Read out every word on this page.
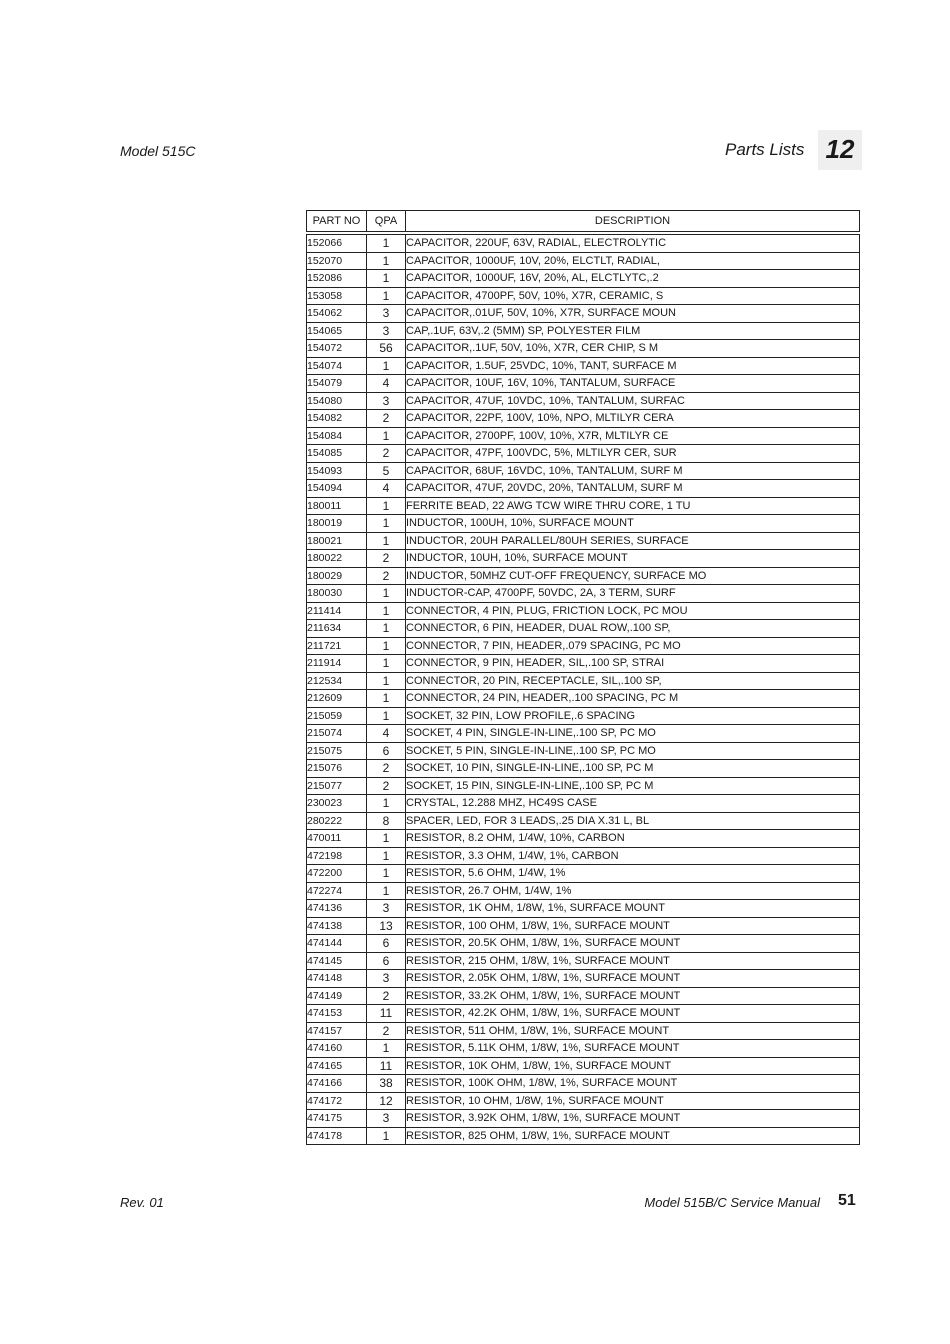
Model 515C	Parts Lists 12
PART NO	QPA	DESCRIPTION
152066	1	CAPACITOR, 220UF, 63V, RADIAL, ELECTROLYTIC
152070	1	CAPACITOR, 1000UF, 10V, 20%, ELCTLT, RADIAL,
152086	1	CAPACITOR, 1000UF, 16V, 20%, AL, ELCTLYTC,.2
153058	1	CAPACITOR, 4700PF, 50V, 10%, X7R, CERAMIC, S
154062	3	CAPACITOR,.01UF, 50V, 10%, X7R, SURFACE MOUN
154065	3	CAP,.1UF, 63V,.2 (5MM) SP, POLYESTER FILM
154072	56	CAPACITOR,.1UF, 50V, 10%, X7R, CER CHIP, S M
154074	1	CAPACITOR, 1.5UF, 25VDC, 10%, TANT, SURFACE M
154079	4	CAPACITOR, 10UF, 16V, 10%, TANTALUM, SURFACE
154080	3	CAPACITOR, 47UF, 10VDC, 10%, TANTALUM, SURFAC
154082	2	CAPACITOR, 22PF, 100V, 10%, NPO, MLTILYR CERA
154084	1	CAPACITOR, 2700PF, 100V, 10%, X7R, MLTILYR CE
154085	2	CAPACITOR, 47PF, 100VDC, 5%, MLTILYR CER, SUR
154093	5	CAPACITOR, 68UF, 16VDC, 10%, TANTALUM, SURF M
154094	4	CAPACITOR, 47UF, 20VDC, 20%, TANTALUM, SURF M
180011	1	FERRITE BEAD, 22 AWG TCW WIRE THRU CORE, 1 TU
180019	1	INDUCTOR, 100UH, 10%, SURFACE MOUNT
180021	1	INDUCTOR, 20UH PARALLEL/80UH SERIES, SURFACE
180022	2	INDUCTOR, 10UH, 10%, SURFACE MOUNT
180029	2	INDUCTOR, 50MHZ CUT-OFF FREQUENCY, SURFACE MO
180030	1	INDUCTOR-CAP, 4700PF, 50VDC, 2A, 3 TERM, SURF
211414	1	CONNECTOR, 4 PIN, PLUG, FRICTION LOCK, PC MOU
211634	1	CONNECTOR, 6 PIN, HEADER, DUAL ROW,.100 SP,
211721	1	CONNECTOR, 7 PIN, HEADER,.079 SPACING, PC MO
211914	1	CONNECTOR, 9 PIN, HEADER, SIL,.100 SP, STRAI
212534	1	CONNECTOR, 20 PIN, RECEPTACLE, SIL,.100 SP,
212609	1	CONNECTOR, 24 PIN, HEADER,.100 SPACING, PC M
215059	1	SOCKET, 32 PIN, LOW PROFILE,.6 SPACING
215074	4	SOCKET, 4 PIN, SINGLE-IN-LINE,.100 SP, PC MO
215075	6	SOCKET, 5 PIN, SINGLE-IN-LINE,.100 SP, PC MO
215076	2	SOCKET, 10 PIN, SINGLE-IN-LINE,.100 SP, PC M
215077	2	SOCKET, 15 PIN, SINGLE-IN-LINE,.100 SP, PC M
230023	1	CRYSTAL, 12.288 MHZ, HC49S CASE
280222	8	SPACER, LED, FOR 3 LEADS,.25 DIA X.31 L, BL
470011	1	RESISTOR, 8.2 OHM, 1/4W, 10%, CARBON
472198	1	RESISTOR, 3.3 OHM, 1/4W, 1%, CARBON
472200	1	RESISTOR, 5.6 OHM, 1/4W, 1%
472274	1	RESISTOR, 26.7 OHM, 1/4W, 1%
474136	3	RESISTOR, 1K OHM, 1/8W, 1%, SURFACE MOUNT
474138	13	RESISTOR, 100 OHM, 1/8W, 1%, SURFACE MOUNT
474144	6	RESISTOR, 20.5K OHM, 1/8W, 1%, SURFACE MOUNT
474145	6	RESISTOR, 215 OHM, 1/8W, 1%, SURFACE MOUNT
474148	3	RESISTOR, 2.05K OHM, 1/8W, 1%, SURFACE MOUNT
474149	2	RESISTOR, 33.2K OHM, 1/8W, 1%, SURFACE MOUNT
474153	11	RESISTOR, 42.2K OHM, 1/8W, 1%, SURFACE MOUNT
474157	2	RESISTOR, 511 OHM, 1/8W, 1%, SURFACE MOUNT
474160	1	RESISTOR, 5.11K OHM, 1/8W, 1%, SURFACE MOUNT
474165	11	RESISTOR, 10K OHM, 1/8W, 1%, SURFACE MOUNT
474166	38	RESISTOR, 100K OHM, 1/8W, 1%, SURFACE MOUNT
474172	12	RESISTOR, 10 OHM, 1/8W, 1%, SURFACE MOUNT
474175	3	RESISTOR, 3.92K OHM, 1/8W, 1%, SURFACE MOUNT
474178	1	RESISTOR, 825 OHM, 1/8W, 1%, SURFACE MOUNT
Rev. 01	Model 515B/C Service Manual 51
